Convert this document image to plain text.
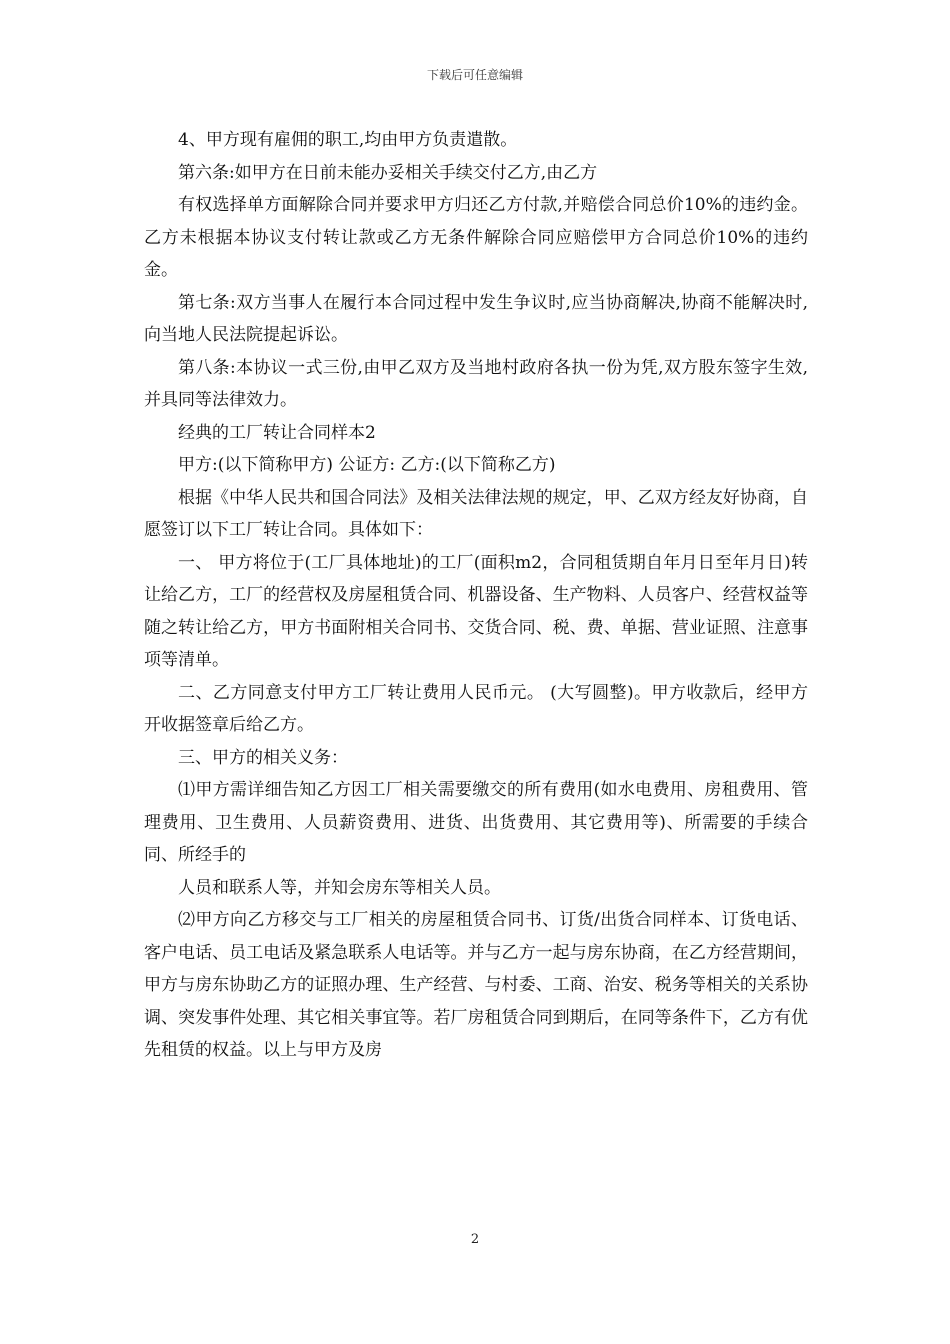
下载后可任意编辑

4、甲方现有雇佣的职工,均由甲方负责遣散。

第六条:如甲方在日前未能办妥相关手续交付乙方,由乙方

有权选择单方面解除合同并要求甲方归还乙方付款,并赔偿合同总价10%的违约金。乙方未根据本协议支付转让款或乙方无条件解除合同应赔偿甲方合同总价10%的违约金。

第七条:双方当事人在履行本合同过程中发生争议时,应当协商解决,协商不能解决时,向当地人民法院提起诉讼。

第八条:本协议一式三份,由甲乙双方及当地村政府各执一份为凭,双方股东签字生效,并具同等法律效力。

经典的工厂转让合同样本2

甲方:(以下简称甲方) 公证方: 乙方:(以下简称乙方)

根据《中华人民共和国合同法》及相关法律法规的规定，甲、乙双方经友好协商，自愿签订以下工厂转让合同。具体如下：

一、 甲方将位于(工厂具体地址)的工厂(面积m2，合同租赁期自年月日至年月日)转让给乙方，工厂的经营权及房屋租赁合同、机器设备、生产物料、人员客户、经营权益等随之转让给乙方，甲方书面附相关合同书、交货合同、税、费、单据、营业证照、注意事项等清单。

二、乙方同意支付甲方工厂转让费用人民币元。 (大写圆整)。甲方收款后，经甲方开收据签章后给乙方。

三、甲方的相关义务：

⑴甲方需详细告知乙方因工厂相关需要缴交的所有费用(如水电费用、房租费用、管理费用、卫生费用、人员薪资费用、进货、出货费用、其它费用等)、所需要的手续合同、所经手的

人员和联系人等，并知会房东等相关人员。

⑵甲方向乙方移交与工厂相关的房屋租赁合同书、订货/出货合同样本、订货电话、客户电话、员工电话及紧急联系人电话等。并与乙方一起与房东协商，在乙方经营期间，甲方与房东协助乙方的证照办理、生产经营、与村委、工商、治安、税务等相关的关系协调、突发事件处理、其它相关事宜等。若厂房租赁合同到期后，在同等条件下，乙方有优先租赁的权益。以上与甲方及房

2
